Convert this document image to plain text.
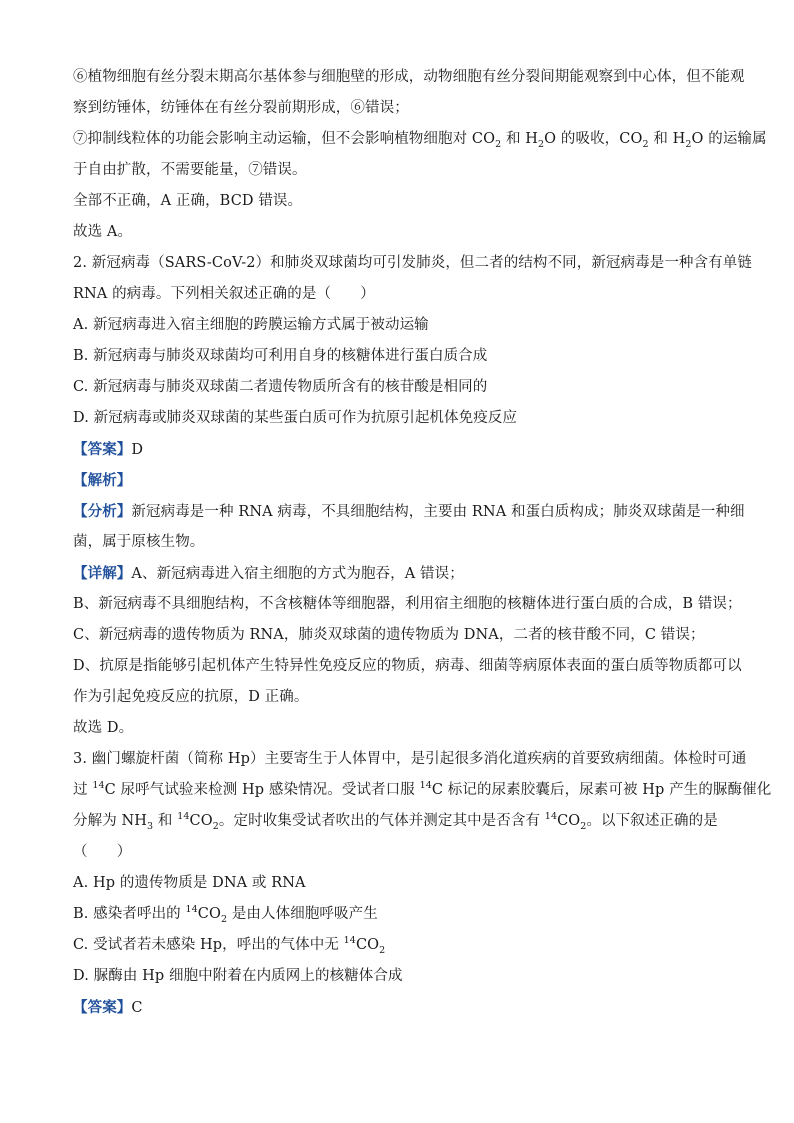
⑥植物细胞有丝分裂末期高尔基体参与细胞壁的形成，动物细胞有丝分裂间期能观察到中心体，但不能观
察到纺锤体，纺锤体在有丝分裂前期形成，⑥错误；
⑦抑制线粒体的功能会影响主动运输，但不会影响植物细胞对 $CO_2$ 和 $H_2O$ 的吸收，$CO_2$ 和 $H_2O$ 的运输属
于自由扩散，不需要能量，⑦错误。
全部不正确，A 正确，BCD 错误。
故选 A。
2. 新冠病毒（SARS-CoV-2）和肺炎双球菌均可引发肺炎，但二者的结构不同，新冠病毒是一种含有单链
RNA 的病毒。下列相关叙述正确的是（　　）
A. 新冠病毒进入宿主细胞的跨膜运输方式属于被动运输
B. 新冠病毒与肺炎双球菌均可利用自身的核糖体进行蛋白质合成
C. 新冠病毒与肺炎双球菌二者遗传物质所含有的核苷酸是相同的
D. 新冠病毒或肺炎双球菌的某些蛋白质可作为抗原引起机体免疫反应
【答案】D
【解析】
【分析】新冠病毒是一种 RNA 病毒，不具细胞结构，主要由 RNA 和蛋白质构成；肺炎双球菌是一种细
菌，属于原核生物。
【详解】A、新冠病毒进入宿主细胞的方式为胞吞，A 错误；
B、新冠病毒不具细胞结构，不含核糖体等细胞器，利用宿主细胞的核糖体进行蛋白质的合成，B 错误；
C、新冠病毒的遗传物质为 RNA，肺炎双球菌的遗传物质为 DNA，二者的核苷酸不同，C 错误；
D、抗原是指能够引起机体产生特异性免疫反应的物质，病毒、细菌等病原体表面的蛋白质等物质都可以
作为引起免疫反应的抗原，D 正确。
故选 D。
3. 幽门螺旋杆菌（简称 Hp）主要寄生于人体胃中，是引起很多消化道疾病的首要致病细菌。体检时可通
过 $^{14}$C 尿呼气试验来检测 Hp 感染情况。受试者口服 $^{14}$C 标记的尿素胶囊后，尿素可被 Hp 产生的脲酶催化
分解为 $NH_3$ 和 $^{14}CO_2$。定时收集受试者吹出的气体并测定其中是否含有 $^{14}CO_2$。以下叙述正确的是
（　　）
A. Hp 的遗传物质是 DNA 或 RNA
B. 感染者呼出的 $^{14}CO_2$ 是由人体细胞呼吸产生
C. 受试者若未感染 Hp，呼出的气体中无 $^{14}CO_2$
D. 脲酶由 Hp 细胞中附着在内质网上的核糖体合成
【答案】C
